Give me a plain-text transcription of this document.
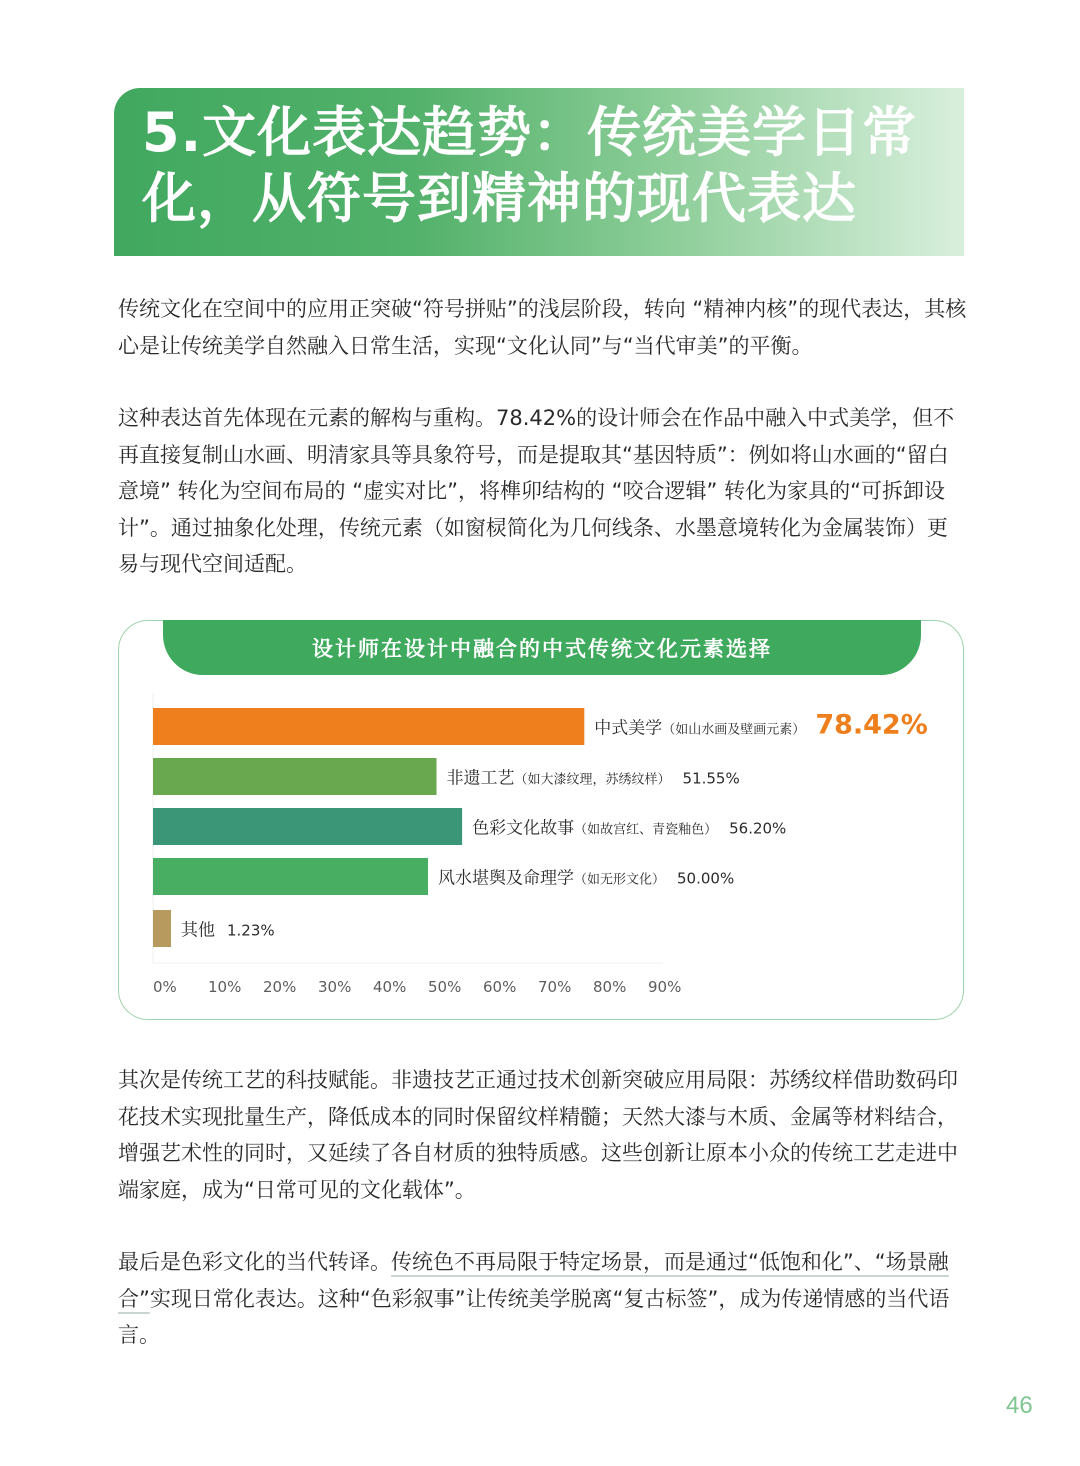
5.文化表达趋势：传统美学日常
化，从符号到精神的现代表达

传统文化在空间中的应用正突破“符号拼贴”的浅层阶段，转向 “精神内核”的现代表达，其核心是让传统美学自然融入日常生活，实现“文化认同”与“当代审美”的平衡。

这种表达首先体现在元素的解构与重构。78.42%的设计师会在作品中融入中式美学，但不再直接复制山水画、明清家具等具象符号，而是提取其“基因特质”：例如将山水画的“留白意境” 转化为空间布局的 “虚实对比”，将榫卯结构的 “咬合逻辑” 转化为家具的“可拆卸设计”。通过抽象化处理，传统元素（如窗棂简化为几何线条、水墨意境转化为金属装饰）更易与现代空间适配。

设计师在设计中融合的中式传统文化元素选择
中式美学（如山水画及壁画元素） 78.42%
非遗工艺（如大漆纹理，苏绣纹样） 51.55%
色彩文化故事（如故宫红、青瓷釉色） 56.20%
风水堪舆及命理学（如无形文化） 50.00%
其他 1.23%
0% 10% 20% 30% 40% 50% 60% 70% 80% 90%

其次是传统工艺的科技赋能。非遗技艺正通过技术创新突破应用局限：苏绣纹样借助数码印花技术实现批量生产，降低成本的同时保留纹样精髓；天然大漆与木质、金属等材料结合，增强艺术性的同时，又延续了各自材质的独特质感。这些创新让原本小众的传统工艺走进中端家庭，成为“日常可见的文化载体”。

最后是色彩文化的当代转译。传统色不再局限于特定场景，而是通过“低饱和化”、“场景融合”实现日常化表达。这种“色彩叙事”让传统美学脱离“复古标签”，成为传递情感的当代语言。

46
